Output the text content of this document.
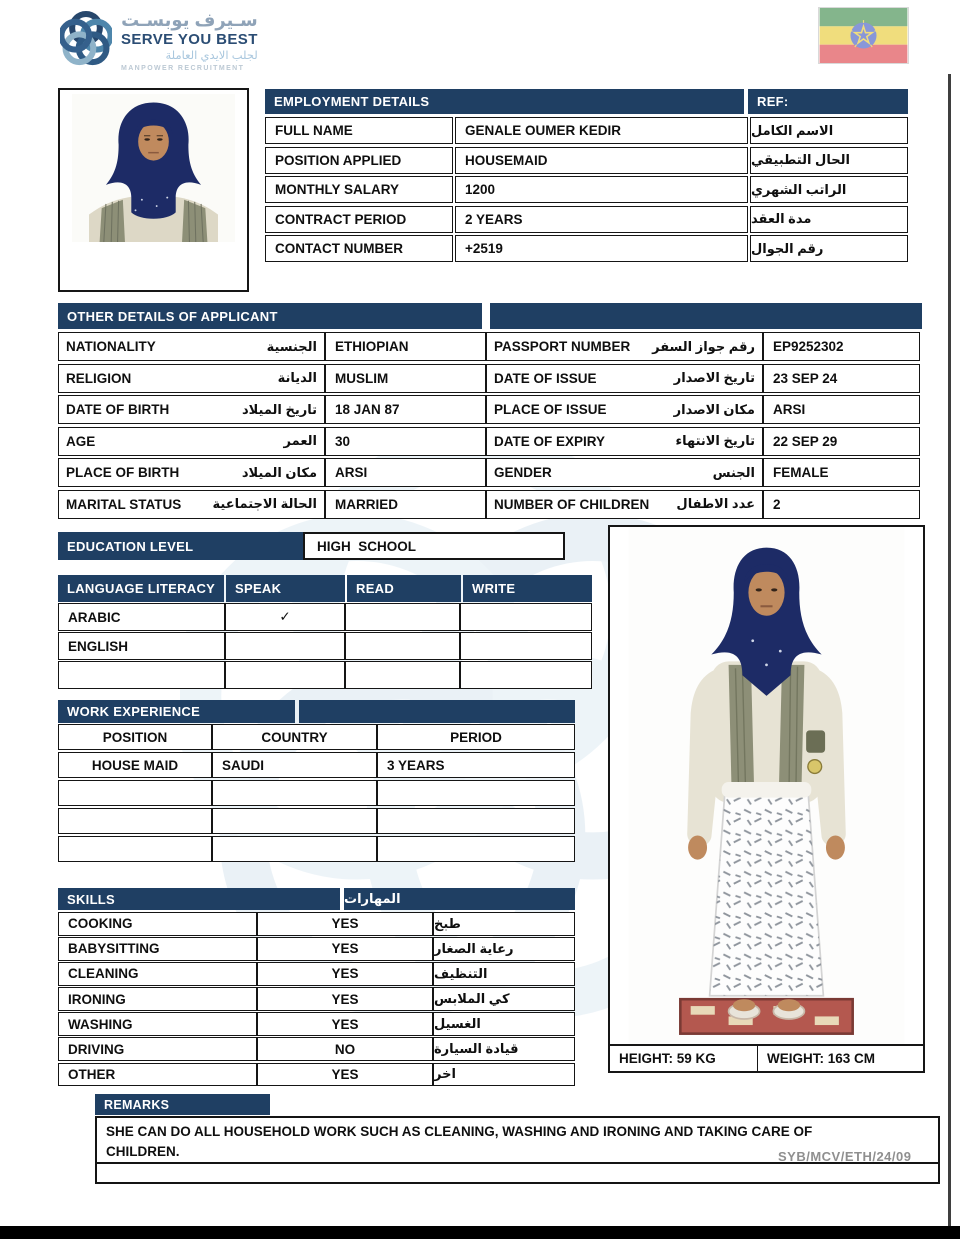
سـيرف يوبسـت
SERVE YOU BEST
لجلب الايدي العاملة
MANPOWER RECRUITMENT
EMPLOYMENT DETAILS	REF:
FULL NAME	GENALE OUMER KEDIR	الاسم الكامل
POSITION APPLIED	HOUSEMAID	الحال التطبيقي
MONTHLY SALARY	1200	الراتب الشهري
CONTRACT PERIOD	2 YEARS	مدة العقد
CONTACT NUMBER	+2519	رقم الجوال
OTHER DETAILS OF APPLICANT
NATIONALITY	الجنسية	ETHIOPIAN	PASSPORT NUMBER رقم جواز السفر	EP9252302
RELIGION	الديانة	MUSLIM	DATE OF ISSUE	تاريخ الاصدار	23 SEP 24
DATE OF BIRTH	تاريخ الميلاد	18 JAN 87	PLACE OF ISSUE	مكان الاصدار	ARSI
AGE	العمر	30	DATE OF EXPIRY	تاريخ الانتهاء	22 SEP 29
PLACE OF BIRTH	مكان الميلاد	ARSI	GENDER	الجنس	FEMALE
MARITAL STATUS الحالة الاجتماعية	MARRIED	NUMBER OF CHILDREN عدد الاطفال	2
EDUCATION LEVEL	HIGH  SCHOOL
LANGUAGE LITERACY	SPEAK	READ	WRITE
ARABIC	✓
ENGLISH
WORK EXPERIENCE
POSITION	COUNTRY	PERIOD
HOUSE MAID	SAUDI	3 YEARS
SKILLS	المهارات
COOKING	YES	طبخ
BABYSITTING	YES	رعاية الصغار
CLEANING	YES	التنظيف
IRONING	YES	كي الملابس
WASHING	YES	الغسيل
DRIVING	NO	قيادة السيارة
OTHER	YES	اخر
HEIGHT: 59 KG	WEIGHT: 163 CM
REMARKS
SHE CAN DO ALL HOUSEHOLD WORK SUCH AS CLEANING, WASHING AND IRONING AND TAKING CARE OF CHILDREN.	SYB/MCV/ETH/24/09
